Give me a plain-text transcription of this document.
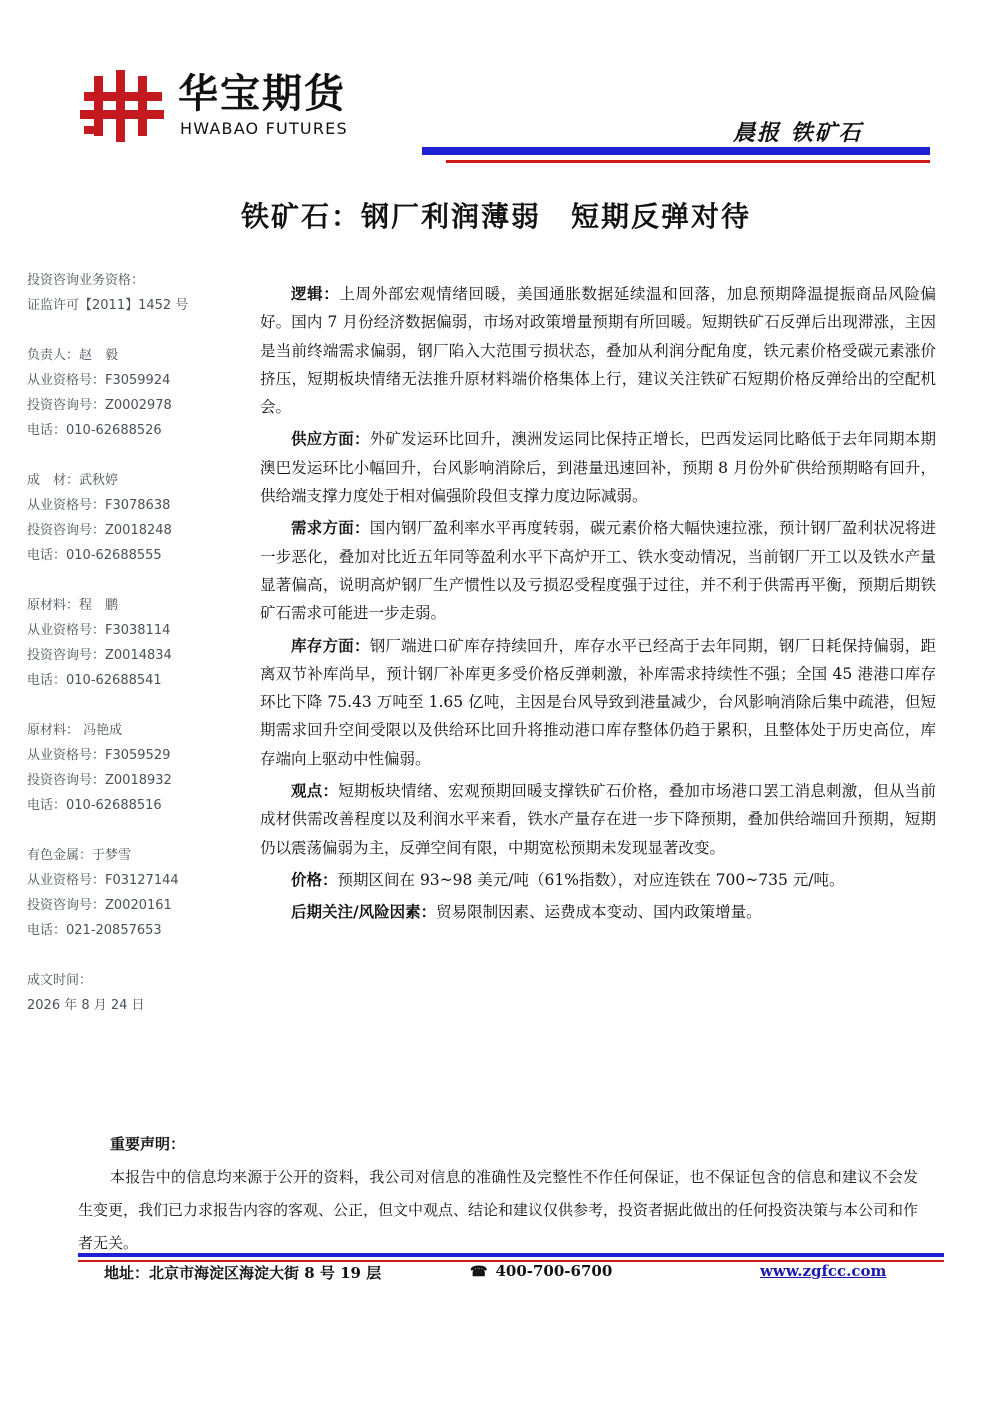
华宝期货
HWABAO FUTURES	晨报 铁矿石
铁矿石：钢厂利润薄弱　短期反弹对待
投资咨询业务资格：
证监许可【2011】1452 号
负责人：赵　毅
从业资格号：F3059924
投资咨询号：Z0002978
电话：010-62688526
成　材：武秋婷
从业资格号：F3078638
投资咨询号：Z0018248
电话：010-62688555
原材料：程　鹏
从业资格号：F3038114
投资咨询号：Z0014834
电话：010-62688541
原材料： 冯艳成
从业资格号：F3059529
投资咨询号：Z0018932
电话：010-62688516
有色金属：于梦雪
从业资格号：F03127144
投资咨询号：Z0020161
电话：021-20857653
成文时间：
2026 年 8 月 24 日

逻辑：上周外部宏观情绪回暖，美国通胀数据延续温和回落，加息预期降温提振商品风险偏好。国内 7 月份经济数据偏弱，市场对政策增量预期有所回暖。短期铁矿石反弹后出现滞涨，主因是当前终端需求偏弱，钢厂陷入大范围亏损状态，叠加从利润分配角度，铁元素价格受碳元素涨价挤压，短期板块情绪无法推升原材料端价格集体上行，建议关注铁矿石短期价格反弹给出的空配机会。

供应方面：外矿发运环比回升，澳洲发运同比保持正增长，巴西发运同比略低于去年同期本期澳巴发运环比小幅回升，台风影响消除后，到港量迅速回补，预期 8 月份外矿供给预期略有回升，供给端支撑力度处于相对偏强阶段但支撑力度边际减弱。

需求方面：国内钢厂盈利率水平再度转弱，碳元素价格大幅快速拉涨，预计钢厂盈利状况将进一步恶化，叠加对比近五年同等盈利水平下高炉开工、铁水变动情况，当前钢厂开工以及铁水产量显著偏高，说明高炉钢厂生产惯性以及亏损忍受程度强于过往，并不利于供需再平衡，预期后期铁矿石需求可能进一步走弱。

库存方面：钢厂端进口矿库存持续回升，库存水平已经高于去年同期，钢厂日耗保持偏弱，距离双节补库尚早，预计钢厂补库更多受价格反弹刺激，补库需求持续性不强；全国 45 港港口库存环比下降 75.43 万吨至 1.65 亿吨，主因是台风导致到港量减少，台风影响消除后集中疏港，但短期需求回升空间受限以及供给环比回升将推动港口库存整体仍趋于累积，且整体处于历史高位，库存端向上驱动中性偏弱。

观点：短期板块情绪、宏观预期回暖支撑铁矿石价格，叠加市场港口罢工消息刺激，但从当前成材供需改善程度以及利润水平来看，铁水产量存在进一步下降预期，叠加供给端回升预期，短期仍以震荡偏弱为主，反弹空间有限，中期宽松预期未发现显著改变。

价格：预期区间在 93~98 美元/吨（61%指数），对应连铁在 700~735 元/吨。

后期关注/风险因素：贸易限制因素、运费成本变动、国内政策增量。

重要声明：
本报告中的信息均来源于公开的资料，我公司对信息的准确性及完整性不作任何保证，也不保证包含的信息和建议不会发生变更，我们已力求报告内容的客观、公正，但文中观点、结论和建议仅供参考，投资者据此做出的任何投资决策与本公司和作者无关。
地址：北京市海淀区海淀大街 8 号 19 层	☎ 400-700-6700	www.zgfcc.com
